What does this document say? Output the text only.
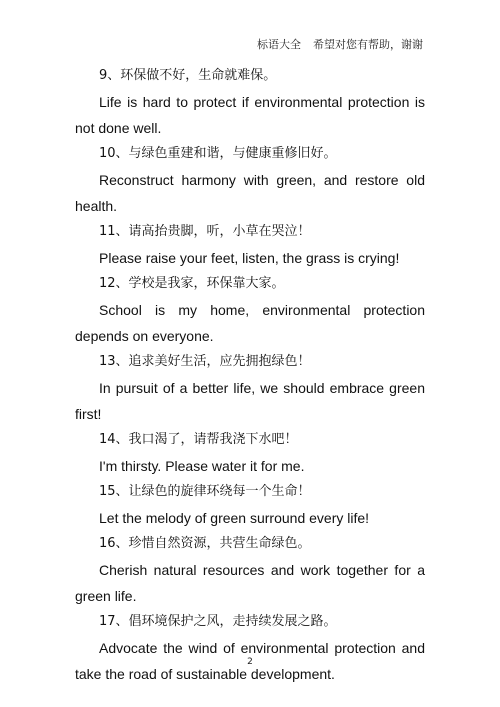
标语大全 希望对您有帮助，谢谢

9、环保做不好，生命就难保。

Life is hard to protect if environmental protection is not done well.

10、与绿色重建和谐，与健康重修旧好。

Reconstruct harmony with green, and restore old health.

11、请高抬贵脚，听，小草在哭泣！

Please raise your feet, listen, the grass is crying!

12、学校是我家，环保靠大家。

School is my home, environmental protection depends on everyone.

13、追求美好生活，应先拥抱绿色！

In pursuit of a better life, we should embrace green first!

14、我口渴了，请帮我浇下水吧！

I'm thirsty. Please water it for me.

15、让绿色的旋律环绕每一个生命！

Let the melody of green surround every life!

16、珍惜自然资源，共营生命绿色。

Cherish natural resources and work together for a green life.

17、倡环境保护之风，走持续发展之路。

Advocate the wind of environmental protection and take the road of sustainable development.

2
